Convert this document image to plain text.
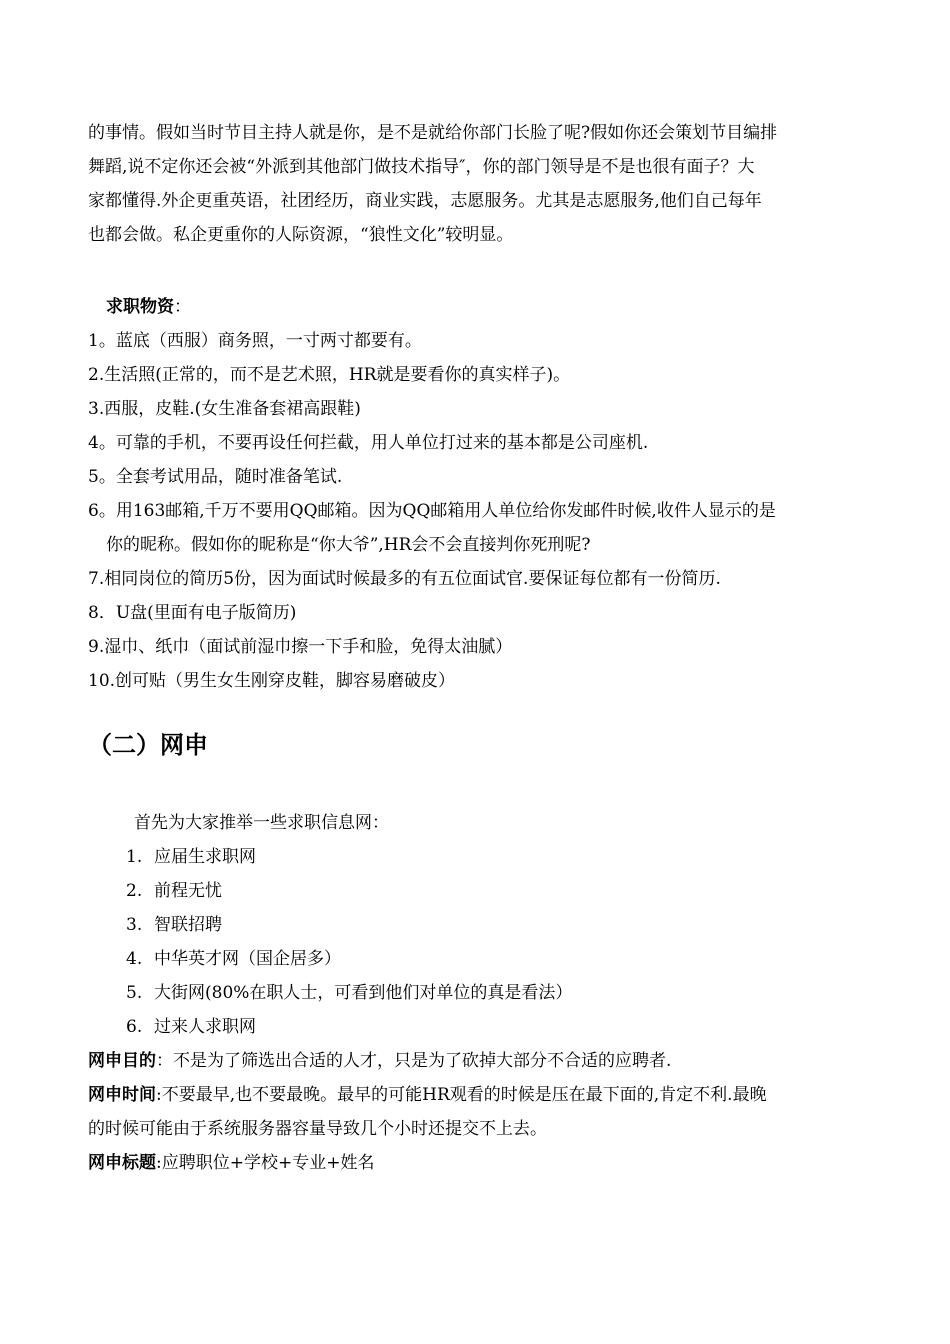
的事情。假如当时节目主持人就是你，是不是就给你部门长脸了呢?假如你还会策划节目编排

舞蹈,说不定你还会被“外派到其他部门做技术指导″，你的部门领导是不是也很有面子？大

家都懂得.外企更重英语，社团经历，商业实践，志愿服务。尤其是志愿服务,他们自己每年

也都会做。私企更重你的人际资源，“狼性文化”较明显。

求职物资：

1。蓝底（西服）商务照，一寸两寸都要有。
2.生活照(正常的，而不是艺术照，HR就是要看你的真实样子)。
3.西服，皮鞋.(女生准备套裙高跟鞋)
4。可靠的手机，不要再设任何拦截，用人单位打过来的基本都是公司座机.
5。全套考试用品，随时准备笔试.
6。用163邮箱,千万不要用QQ邮箱。因为QQ邮箱用人单位给你发邮件时候,收件人显示的是
你的昵称。假如你的昵称是“你大爷”,HR会不会直接判你死刑呢?
7.相同岗位的简历5份，因为面试时候最多的有五位面试官.要保证每位都有一份简历.
8．U盘(里面有电子版简历)
9.湿巾、纸巾（面试前湿巾擦一下手和脸，免得太油腻）
10.创可贴（男生女生刚穿皮鞋，脚容易磨破皮）
（二）网申

首先为大家推举一些求职信息网：

1. 应届生求职网
2. 前程无忧
3. 智联招聘
4. 中华英才网（国企居多）
5. 大街网(80%在职人士，可看到他们对单位的真是看法）
6. 过来人求职网

网申目的：不是为了筛选出合适的人才，只是为了砍掉大部分不合适的应聘者.

网申时间:不要最早,也不要最晚。最早的可能HR观看的时候是压在最下面的,肯定不利.最晚

的时候可能由于系统服务器容量导致几个小时还提交不上去。

网申标题:应聘职位+学校+专业+姓名
